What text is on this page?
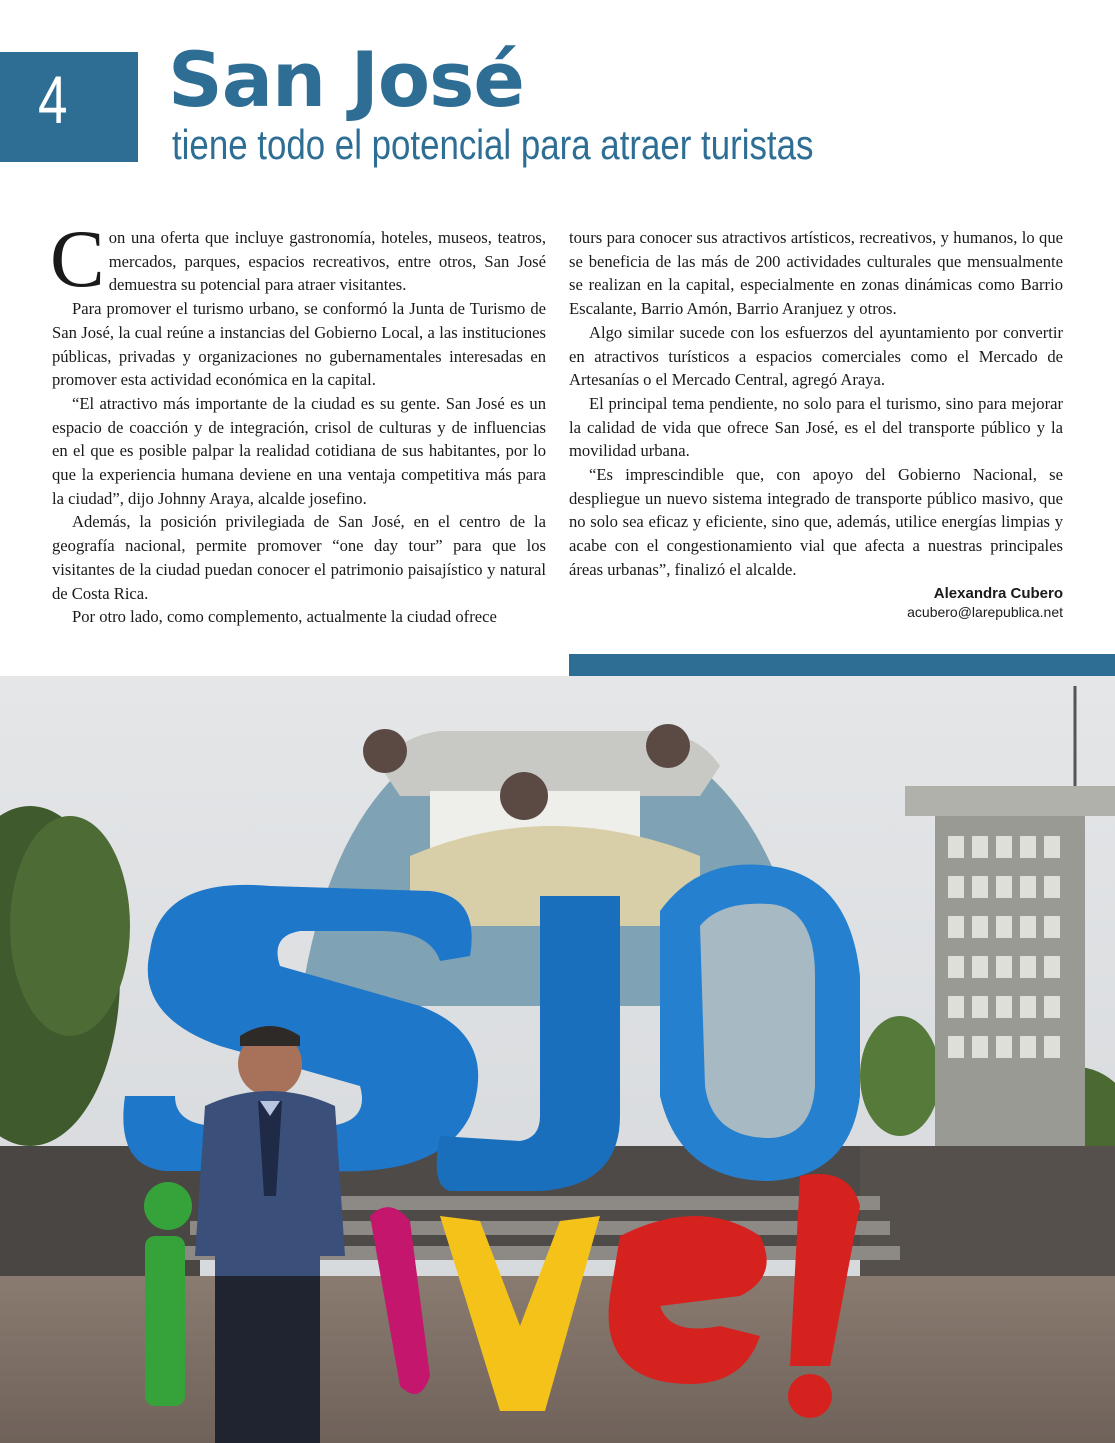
4 San José
tiene todo el potencial para atraer turistas

Con una oferta que incluye gastronomía, hoteles, museos, teatros, mercados, parques, espacios recreativos, entre otros, San José demuestra su potencial para atraer visitantes.

Para promover el turismo urbano, se conformó la Junta de Turismo de San José, la cual reúne a instancias del Gobierno Local, a las instituciones públicas, privadas y organizaciones no gubernamentales interesadas en promover esta actividad económica en la capital.

“El atractivo más importante de la ciudad es su gente. San José es un espacio de coacción y de integración, crisol de culturas y de influencias en el que es posible palpar la realidad cotidiana de sus habitantes, por lo que la experiencia humana deviene en una ventaja competitiva más para la ciudad”, dijo Johnny Araya, alcalde josefino.

Además, la posición privilegiada de San José, en el centro de la geografía nacional, permite promover “one day tour” para que los visitantes de la ciudad puedan conocer el patrimonio paisajístico y natural de Costa Rica.

Por otro lado, como complemento, actualmente la ciudad ofrece

tours para conocer sus atractivos artísticos, recreativos, y humanos, lo que se beneficia de las más de 200 actividades culturales que mensualmente se realizan en la capital, especialmente en zonas dinámicas como Barrio Escalante, Barrio Amón, Barrio Aranjuez y otros.

Algo similar sucede con los esfuerzos del ayuntamiento por convertir en atractivos turísticos a espacios comerciales como el Mercado de Artesanías o el Mercado Central, agregó Araya.

El principal tema pendiente, no solo para el turismo, sino para mejorar la calidad de vida que ofrece San José, es el del transporte público y la movilidad urbana.

“Es imprescindible que, con apoyo del Gobierno Nacional, se despliegue un nuevo sistema integrado de transporte público masivo, que no solo sea eficaz y eficiente, sino que, además, utilice energías limpias y acabe con el congestionamiento vial que afecta a nuestras principales áreas urbanas”, finalizó el alcalde.

Alexandra Cubero
acubero@larepublica.net
